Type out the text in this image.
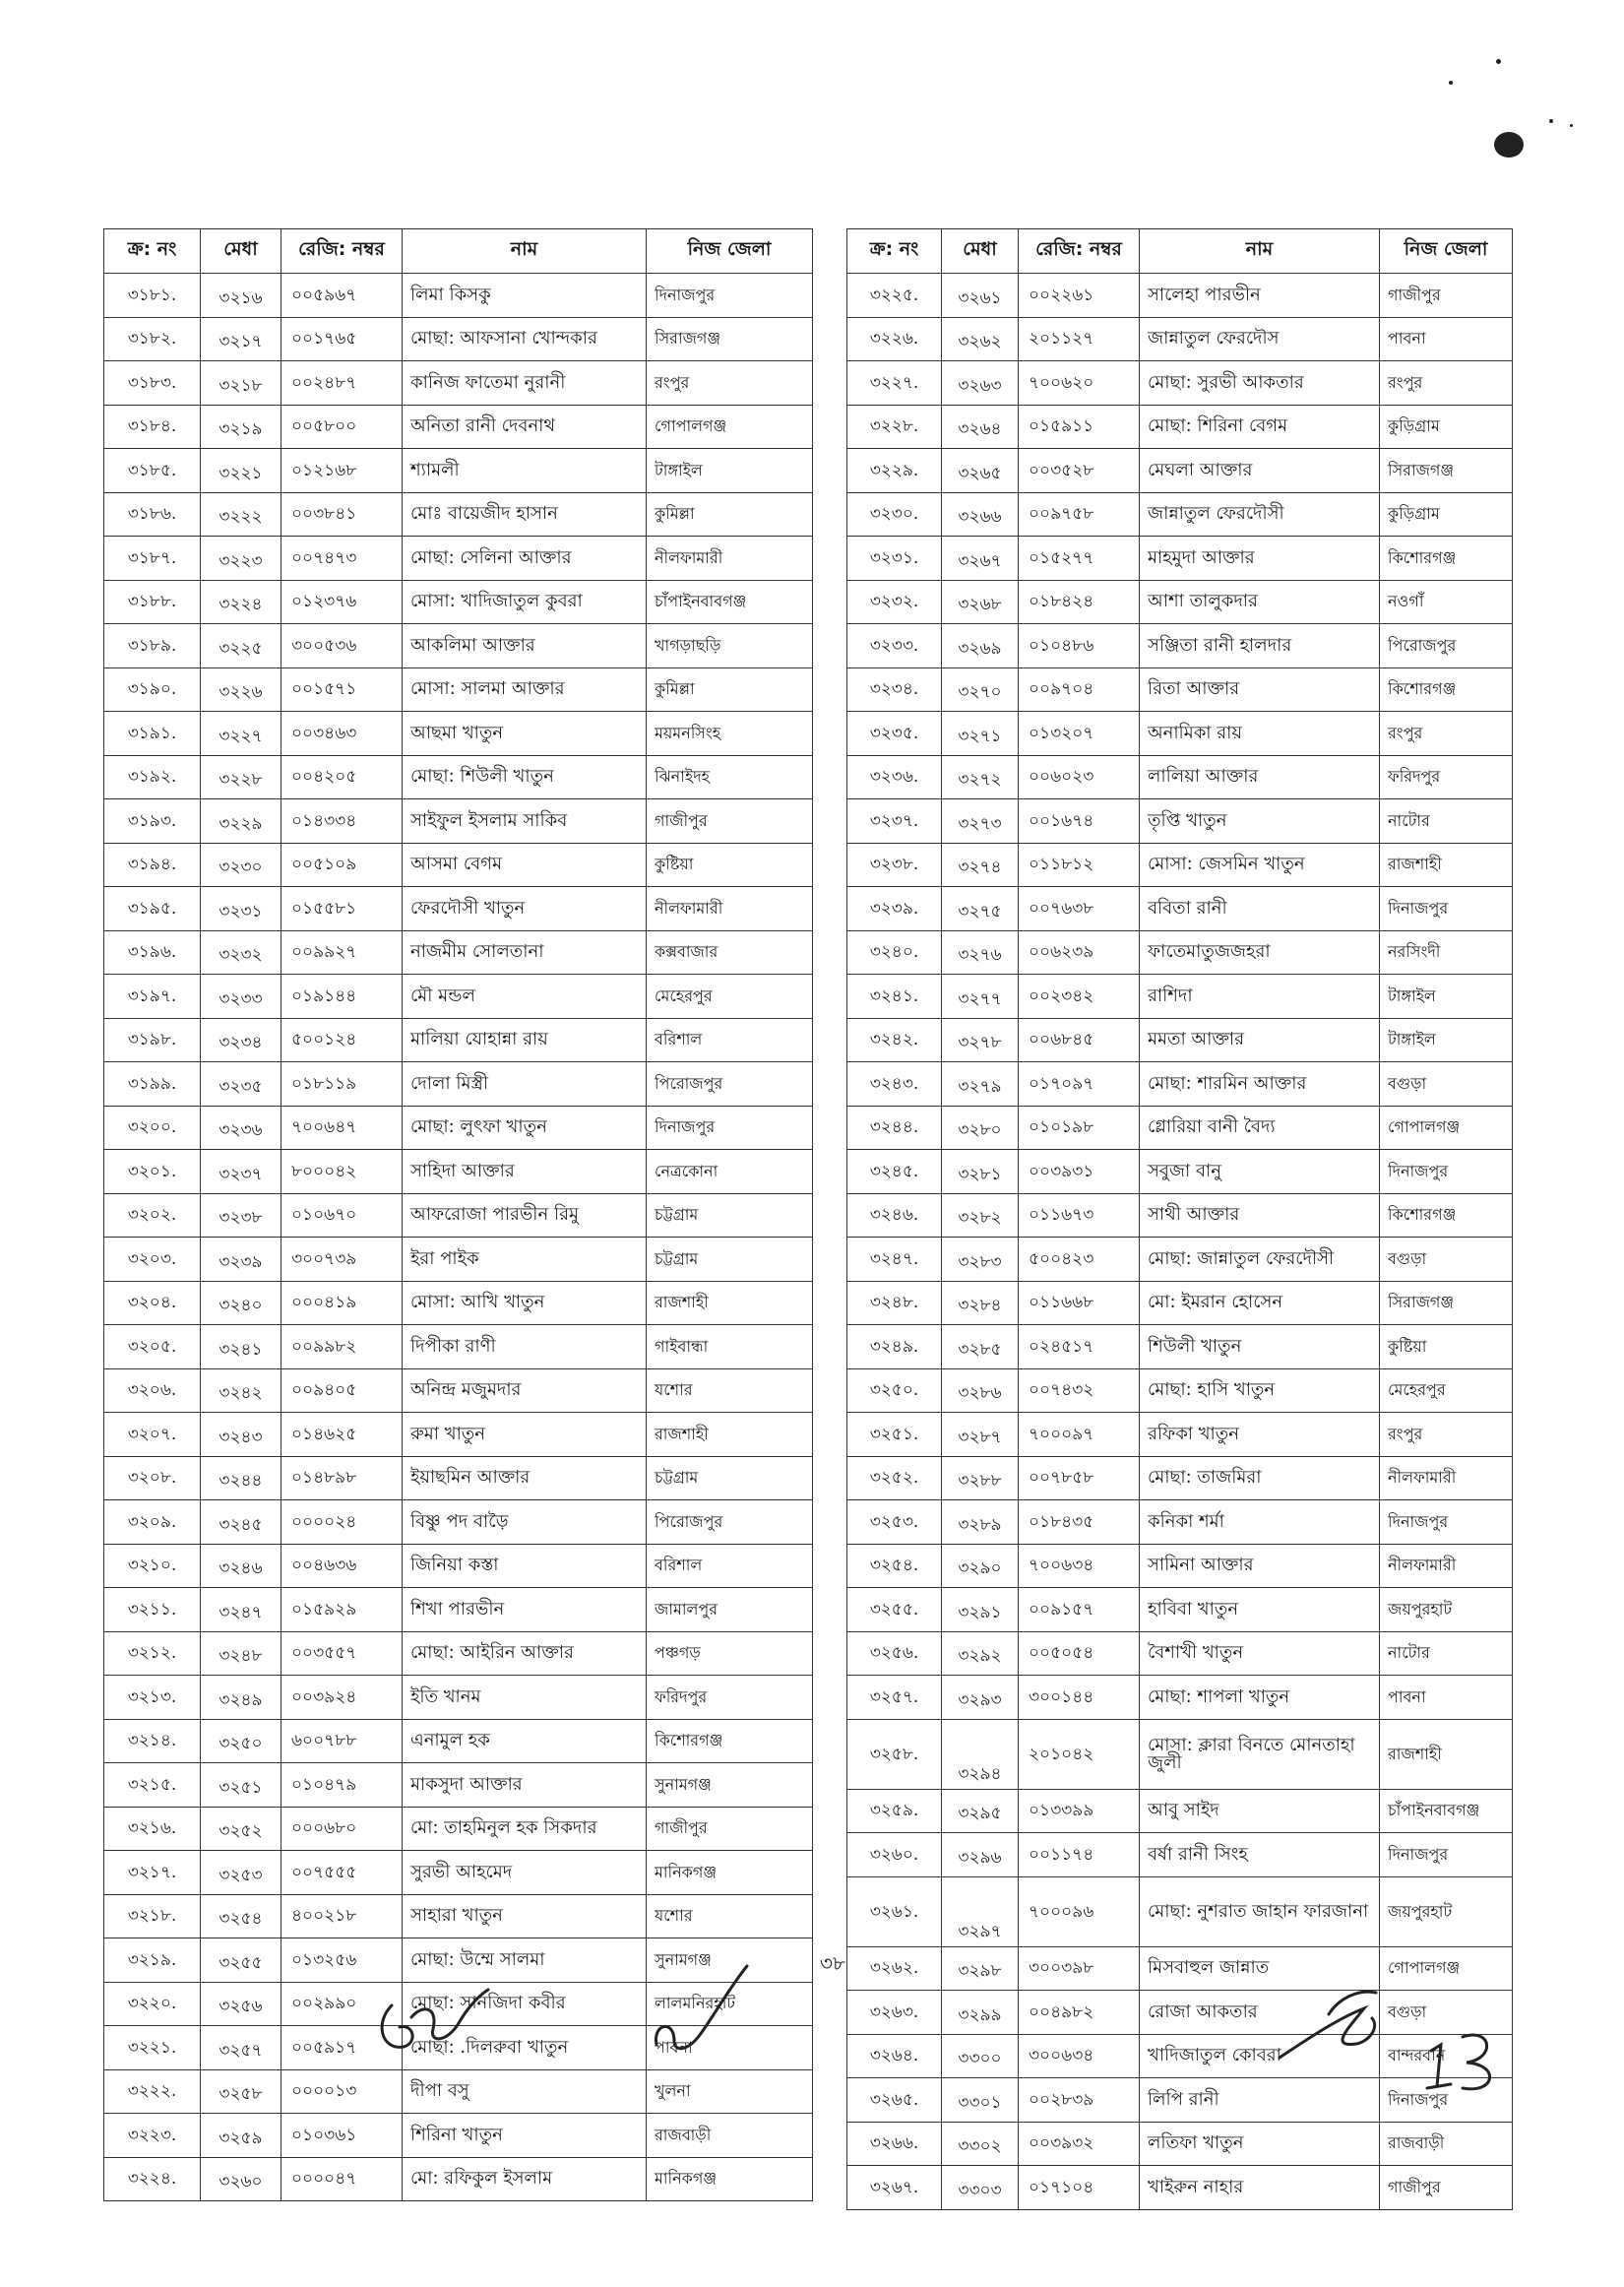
ক্র: নং	মেধা	রেজি: নম্বর	নাম	নিজ জেলা
৩১৮১.	৩২১৬	০০৫৯৬৭	লিমা কিসকু	দিনাজপুর
৩১৮২.	৩২১৭	০০১৭৬৫	মোছা: আফসানা খোন্দকার	সিরাজগঞ্জ
৩১৮৩.	৩২১৮	০০২৪৮৭	কানিজ ফাতেমা নুরানী	রংপুর
৩১৮৪.	৩২১৯	০০৫৮০০	অনিতা রানী দেবনাথ	গোপালগঞ্জ
৩১৮৫.	৩২২১	০১২১৬৮	শ্যামলী	টাঙ্গাইল
৩১৮৬.	৩২২২	০০৩৮৪১	মোঃ বায়েজীদ হাসান	কুমিল্লা
৩১৮৭.	৩২২৩	০০৭৪৭৩	মোছা: সেলিনা আক্তার	নীলফামারী
৩১৮৮.	৩২২৪	০১২৩৭৬	মোসা: খাদিজাতুল কুবরা	চাঁপাইনবাবগঞ্জ
৩১৮৯.	৩২২৫	৩০০৫৩৬	আকলিমা আক্তার	খাগড়াছড়ি
৩১৯০.	৩২২৬	০০১৫৭১	মোসা: সালমা আক্তার	কুমিল্লা
৩১৯১.	৩২২৭	০০৩৪৬৩	আছমা খাতুন	ময়মনসিংহ
৩১৯২.	৩২২৮	০০৪২০৫	মোছা: শিউলী খাতুন	ঝিনাইদহ
৩১৯৩.	৩২২৯	০১৪৩৩৪	সাইফুল ইসলাম সাকিব	গাজীপুর
৩১৯৪.	৩২৩০	০০৫১০৯	আসমা বেগম	কুষ্টিয়া
৩১৯৫.	৩২৩১	০১৫৫৮১	ফেরদৌসী খাতুন	নীলফামারী
৩১৯৬.	৩২৩২	০০৯৯২৭	নাজমীম সোলতানা	কক্সবাজার
৩১৯৭.	৩২৩৩	০১৯১৪৪	মৌ মন্ডল	মেহেরপুর
৩১৯৮.	৩২৩৪	৫০০১২৪	মালিয়া যোহান্না রায়	বরিশাল
৩১৯৯.	৩২৩৫	০১৮১১৯	দোলা মিস্ত্রী	পিরোজপুর
৩২০০.	৩২৩৬	৭০০৬৪৭	মোছা: লুৎফা খাতুন	দিনাজপুর
৩২০১.	৩২৩৭	৮০০০৪২	সাহিদা আক্তার	নেত্রকোনা
৩২০২.	৩২৩৮	০১০৬৭০	আফরোজা পারভীন রিমু	চট্টগ্রাম
৩২০৩.	৩২৩৯	৩০০৭৩৯	ইরা পাইক	চট্টগ্রাম
৩২০৪.	৩২৪০	০০০৪১৯	মোসা: আখি খাতুন	রাজশাহী
৩২০৫.	৩২৪১	০০৯৯৮২	দিপীকা রাণী	গাইবান্ধা
৩২০৬.	৩২৪২	০০৯৪০৫	অনিন্দ্র মজুমদার	যশোর
৩২০৭.	৩২৪৩	০১৪৬২৫	রুমা খাতুন	রাজশাহী
৩২০৮.	৩২৪৪	০১৪৮৯৮	ইয়াছমিন আক্তার	চট্টগ্রাম
৩২০৯.	৩২৪৫	০০০০২৪	বিষ্ণু পদ বাড়ৈ	পিরোজপুর
৩২১০.	৩২৪৬	০০৪৬৩৬	জিনিয়া কস্তা	বরিশাল
৩২১১.	৩২৪৭	০১৫৯২৯	শিখা পারভীন	জামালপুর
৩২১২.	৩২৪৮	০০৩৫৫৭	মোছা: আইরিন আক্তার	পঞ্চগড়
৩২১৩.	৩২৪৯	০০৩৯২৪	ইতি খানম	ফরিদপুর
৩২১৪.	৩২৫০	৬০০৭৮৮	এনামুল হক	কিশোরগঞ্জ
৩২১৫.	৩২৫১	০১০৪৭৯	মাকসুদা আক্তার	সুনামগঞ্জ
৩২১৬.	৩২৫২	০০০৬৮০	মো: তাহমিনুল হক সিকদার	গাজীপুর
৩২১৭.	৩২৫৩	০০৭৫৫৫	সুরভী আহমেদ	মানিকগঞ্জ
৩২১৮.	৩২৫৪	৪০০২১৮	সাহারা খাতুন	যশোর
৩২১৯.	৩২৫৫	০১৩২৫৬	মোছা: উম্মে সালমা	সুনামগঞ্জ
৩২২০.	৩২৫৬	০০২৯৯০	মোছা: সানজিদা কবীর	লালমনিরহাট
৩২২১.	৩২৫৭	০০৫৯১৭	মোছা: .দিলরুবা খাতুন	পাবনা
৩২২২.	৩২৫৮	০০০০১৩	দীপা বসু	খুলনা
৩২২৩.	৩২৫৯	০১০৩৬১	শিরিনা খাতুন	রাজবাড়ী
৩২২৪.	৩২৬০	০০০০৪৭	মো: রফিকুল ইসলাম	মানিকগঞ্জ
ক্র: নং	মেধা	রেজি: নম্বর	নাম	নিজ জেলা
৩২২৫.	৩২৬১	০০২২৬১	সালেহা পারভীন	গাজীপুর
৩২২৬.	৩২৬২	২০১১২৭	জান্নাতুল ফেরদৌস	পাবনা
৩২২৭.	৩২৬৩	৭০০৬২০	মোছা: সুরভী আকতার	রংপুর
৩২২৮.	৩২৬৪	০১৫৯১১	মোছা: শিরিনা বেগম	কুড়িগ্রাম
৩২২৯.	৩২৬৫	০০৩৫২৮	মেঘলা আক্তার	সিরাজগঞ্জ
৩২৩০.	৩২৬৬	০০৯৭৫৮	জান্নাতুল ফেরদৌসী	কুড়িগ্রাম
৩২৩১.	৩২৬৭	০১৫২৭৭	মাহমুদা আক্তার	কিশোরগঞ্জ
৩২৩২.	৩২৬৮	০১৮৪২৪	আশা তালুকদার	নওগাঁ
৩২৩৩.	৩২৬৯	০১০৪৮৬	সঞ্জিতা রানী হালদার	পিরোজপুর
৩২৩৪.	৩২৭০	০০৯৭০৪	রিতা আক্তার	কিশোরগঞ্জ
৩২৩৫.	৩২৭১	০১৩২০৭	অনামিকা রায়	রংপুর
৩২৩৬.	৩২৭২	০০৬০২৩	লালিয়া আক্তার	ফরিদপুর
৩২৩৭.	৩২৭৩	০০১৬৭৪	তৃপ্তি খাতুন	নাটোর
৩২৩৮.	৩২৭৪	০১১৮১২	মোসা: জেসমিন খাতুন	রাজশাহী
৩২৩৯.	৩২৭৫	০০৭৬৩৮	ববিতা রানী	দিনাজপুর
৩২৪০.	৩২৭৬	০০৬২৩৯	ফাতেমাতুজজহরা	নরসিংদী
৩২৪১.	৩২৭৭	০০২৩৪২	রাশিদা	টাঙ্গাইল
৩২৪২.	৩২৭৮	০০৬৮৪৫	মমতা আক্তার	টাঙ্গাইল
৩২৪৩.	৩২৭৯	০১৭০৯৭	মোছা: শারমিন আক্তার	বগুড়া
৩২৪৪.	৩২৮০	০১০১৯৮	গ্লোরিয়া বানী বৈদ্য	গোপালগঞ্জ
৩২৪৫.	৩২৮১	০০৩৯৩১	সবুজা বানু	দিনাজপুর
৩২৪৬.	৩২৮২	০১১৬৭৩	সাথী আক্তার	কিশোরগঞ্জ
৩২৪৭.	৩২৮৩	৫০০৪২৩	মোছা: জান্নাতুল ফেরদৌসী	বগুড়া
৩২৪৮.	৩২৮৪	০১১৬৬৮	মো: ইমরান হোসেন	সিরাজগঞ্জ
৩২৪৯.	৩২৮৫	০২৪৫১৭	শিউলী খাতুন	কুষ্টিয়া
৩২৫০.	৩২৮৬	০০৭৪৩২	মোছা: হাসি খাতুন	মেহেরপুর
৩২৫১.	৩২৮৭	৭০০০৯৭	রফিকা খাতুন	রংপুর
৩২৫২.	৩২৮৮	০০৭৮৫৮	মোছা: তাজমিরা	নীলফামারী
৩২৫৩.	৩২৮৯	০১৮৪৩৫	কনিকা শর্মা	দিনাজপুর
৩২৫৪.	৩২৯০	৭০০৬৩৪	সামিনা আক্তার	নীলফামারী
৩২৫৫.	৩২৯১	০০৯১৫৭	হাবিবা খাতুন	জয়পুরহাট
৩২৫৬.	৩২৯২	০০৫০৫৪	বৈশাখী খাতুন	নাটোর
৩২৫৭.	৩২৯৩	৩০০১৪৪	মোছা: শাপলা খাতুন	পাবনা
৩২৫৮.	৩২৯৪	২০১০৪২	মোসা: ক্লারা বিনতে মোনতাহা জুলী	রাজশাহী
৩২৫৯.	৩২৯৫	০১৩৩৯৯	আবু সাইদ	চাঁপাইনবাবগঞ্জ
৩২৬০.	৩২৯৬	০০১১৭৪	বর্ষা রানী সিংহ	দিনাজপুর
৩২৬১.	৩২৯৭	৭০০০৯৬	মোছা: নুশরাত জাহান ফারজানা	জয়পুরহাট
৩২৬২.	৩২৯৮	৩০০৩৯৮	মিসবাহুল জান্নাত	গোপালগঞ্জ
৩২৬৩.	৩২৯৯	০০৪৯৮২	রোজা আকতার	বগুড়া
৩২৬৪.	৩৩০০	৩০০৬৩৪	খাদিজাতুল কোবরা	বান্দরবান
৩২৬৫.	৩৩০১	০০২৮৩৯	লিপি রানী	দিনাজপুর
৩২৬৬.	৩৩০২	০০৩৯৩২	লতিফা খাতুন	রাজবাড়ী
৩২৬৭.	৩৩০৩	০১৭১০৪	খাইরুন নাহার	গাজীপুর
৩৮
